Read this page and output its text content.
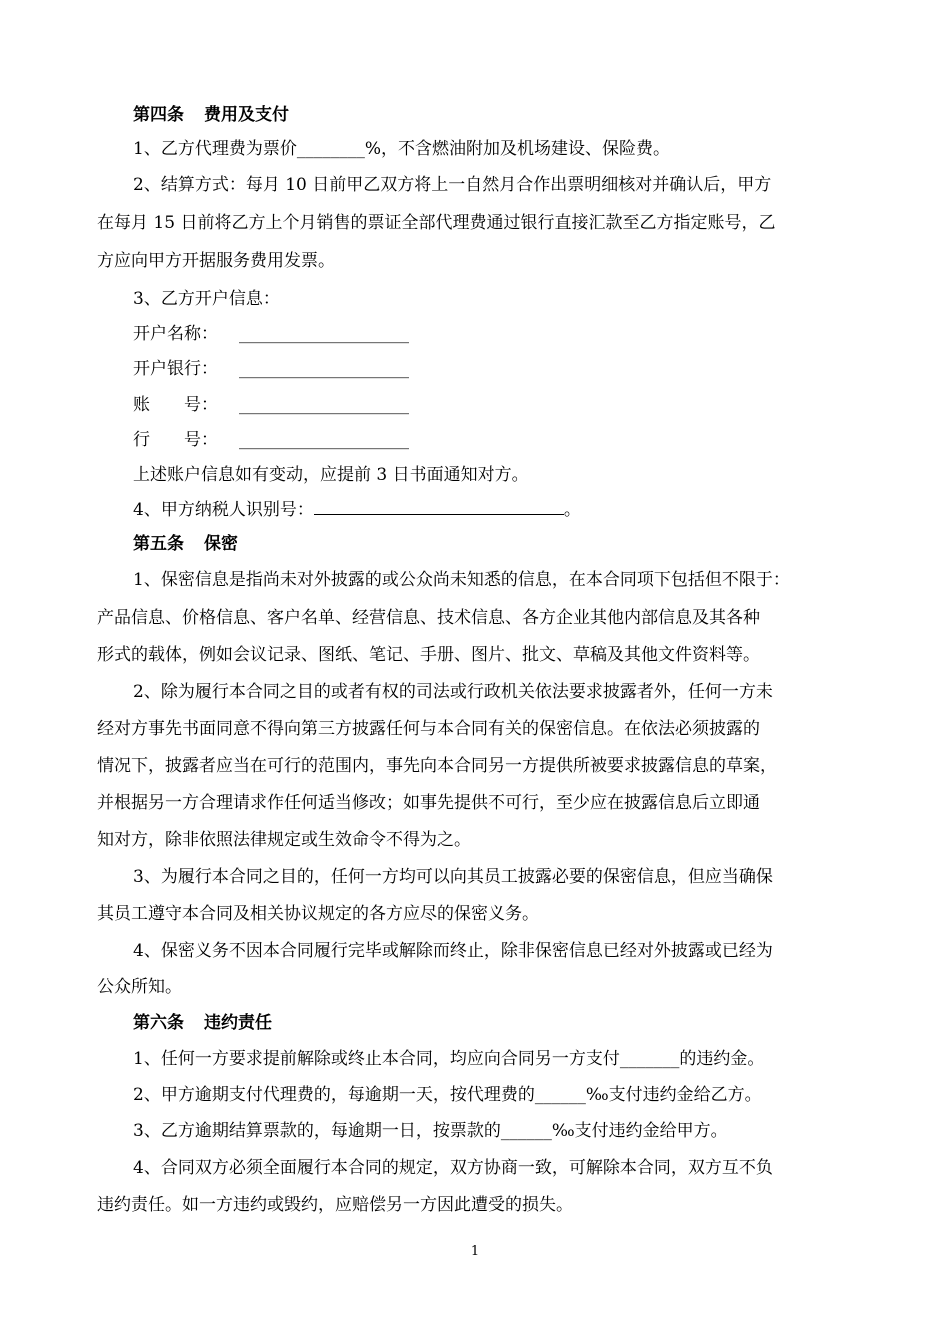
第四条 费用及支付
1、乙方代理费为票价________%，不含燃油附加及机场建设、保险费。
2、结算方式：每月 10 日前甲乙双方将上一自然月合作出票明细核对并确认后，甲方
在每月 15 日前将乙方上个月销售的票证全部代理费通过银行直接汇款至乙方指定账号，乙
方应向甲方开据服务费用发票。
3、乙方开户信息：
开户名称： ____________________
开户银行： ____________________
账　　号： ____________________
行　　号： ____________________
上述账户信息如有变动，应提前 3 日书面通知对方。
4、甲方纳税人识别号：	。
第五条 保密
1、保密信息是指尚未对外披露的或公众尚未知悉的信息，在本合同项下包括但不限于：
产品信息、价格信息、客户名单、经营信息、技术信息、各方企业其他内部信息及其各种
形式的载体，例如会议记录、图纸、笔记、手册、图片、批文、草稿及其他文件资料等。
2、除为履行本合同之目的或者有权的司法或行政机关依法要求披露者外，任何一方未
经对方事先书面同意不得向第三方披露任何与本合同有关的保密信息。在依法必须披露的
情况下，披露者应当在可行的范围内，事先向本合同另一方提供所被要求披露信息的草案，
并根据另一方合理请求作任何适当修改；如事先提供不可行，至少应在披露信息后立即通
知对方，除非依照法律规定或生效命令不得为之。
3、为履行本合同之目的，任何一方均可以向其员工披露必要的保密信息，但应当确保
其员工遵守本合同及相关协议规定的各方应尽的保密义务。
4、保密义务不因本合同履行完毕或解除而终止，除非保密信息已经对外披露或已经为
公众所知。
第六条 违约责任
1、任何一方要求提前解除或终止本合同，均应向合同另一方支付_______的违约金。
2、甲方逾期支付代理费的，每逾期一天，按代理费的______‰支付违约金给乙方。
3、乙方逾期结算票款的，每逾期一日，按票款的______‰支付违约金给甲方。
4、合同双方必须全面履行本合同的规定，双方协商一致，可解除本合同，双方互不负
违约责任。如一方违约或毁约，应赔偿另一方因此遭受的损失。
1
